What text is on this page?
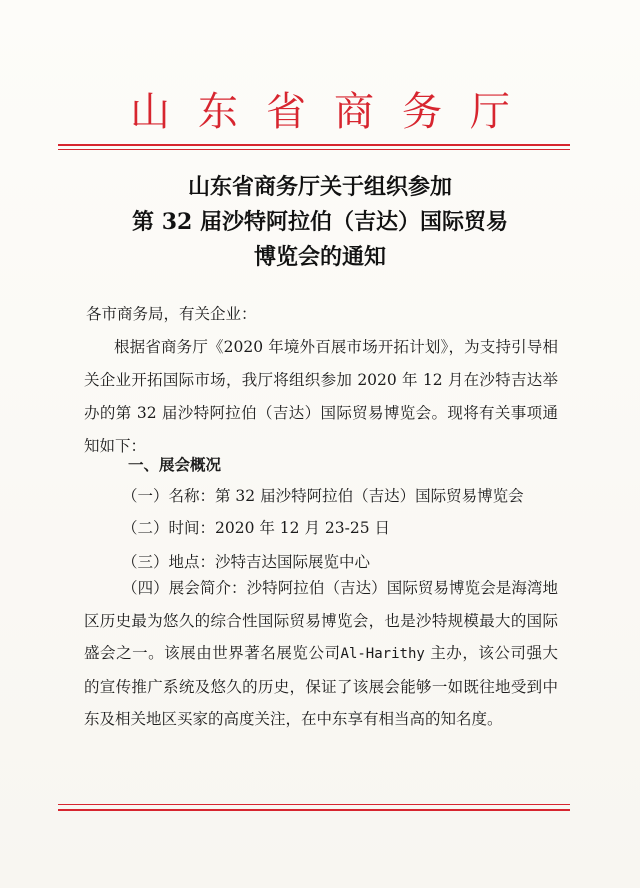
山东省商务厅
山东省商务厅关于组织参加
第 32 届沙特阿拉伯（吉达）国际贸易
博览会的通知
各市商务局，有关企业：
根据省商务厅《2020 年境外百展市场开拓计划》，为支持引导相关企业开拓国际市场，我厅将组织参加 2020 年 12 月在沙特吉达举办的第 32 届沙特阿拉伯（吉达）国际贸易博览会。现将有关事项通知如下：
一、展会概况
（一）名称：第 32 届沙特阿拉伯（吉达）国际贸易博览会
（二）时间：2020 年 12 月 23-25 日
（三）地点：沙特吉达国际展览中心
（四）展会简介：沙特阿拉伯（吉达）国际贸易博览会是海湾地区历史最为悠久的综合性国际贸易博览会，也是沙特规模最大的国际盛会之一。该展由世界著名展览公司Al-Harithy 主办，该公司强大的宣传推广系统及悠久的历史，保证了该展会能够一如既往地受到中东及相关地区买家的高度关注，在中东享有相当高的知名度。
